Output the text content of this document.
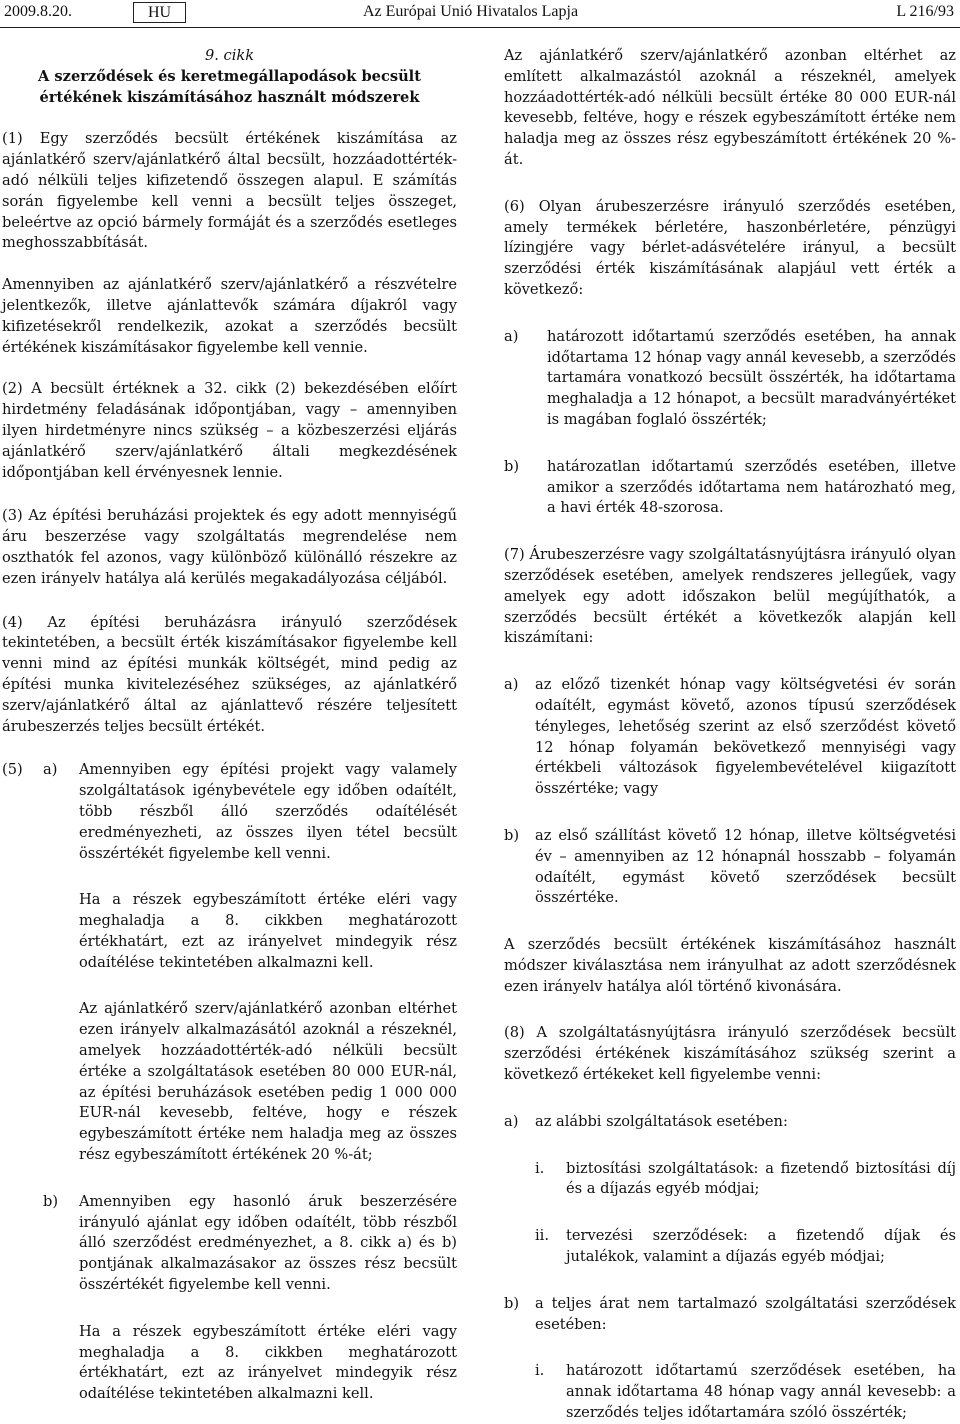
2009.8.20.	HU	Az Európai Unió Hivatalos Lapja	L 216/93

9. cikk

A szerződések és keretmegállapodások becsült értékének kiszámításához használt módszerek

(1) Egy szerződés becsült értékének kiszámítása az ajánlatkérő szerv/ajánlatkérő által becsült, hozzáadottérték-adó nélküli teljes kifizetendő összegen alapul. E számítás során figyelembe kell venni a becsült teljes összeget, beleértve az opció bármely formáját és a szerződés esetleges meghosszabbítását.

Amennyiben az ajánlatkérő szerv/ajánlatkérő a részvételre jelentkezők, illetve ajánlattevők számára díjakról vagy kifizetésekről rendelkezik, azokat a szerződés becsült értékének kiszámításakor figyelembe kell vennie.

(2) A becsült értéknek a 32. cikk (2) bekezdésében előírt hirdetmény feladásának időpontjában, vagy – amennyiben ilyen hirdetményre nincs szükség – a közbeszerzési eljárás ajánlatkérő szerv/ajánlatkérő általi megkezdésének időpontjában kell érvényesnek lennie.

(3) Az építési beruházási projektek és egy adott mennyiségű áru beszerzése vagy szolgáltatás megrendelése nem oszthatók fel azonos, vagy különböző különálló részekre az ezen irányelv hatálya alá kerülés megakadályozása céljából.

(4) Az építési beruházásra irányuló szerződések tekintetében, a becsült érték kiszámításakor figyelembe kell venni mind az építési munkák költségét, mind pedig az építési munka kivitelezéséhez szükséges, az ajánlatkérő szerv/ajánlatkérő által az ajánlattevő részére teljesített árubeszerzés teljes becsült értékét.

(5)	a)	Amennyiben egy építési projekt vagy valamely szolgáltatások igénybevétele egy időben odaítélt, több részből álló szerződés odaítélését eredményezheti, az összes ilyen tétel becsült összértékét figyelembe kell venni.

Ha a részek egybeszámított értéke eléri vagy meghaladja a 8. cikkben meghatározott értékhatárt, ezt az irányelvet mindegyik rész odaítélése tekintetében alkalmazni kell.

Az ajánlatkérő szerv/ajánlatkérő azonban eltérhet ezen irányelv alkalmazásától azoknál a részeknél, amelyek hozzáadottérték-adó nélküli becsült értéke a szolgáltatások esetében 80 000 EUR-nál, az építési beruházások esetében pedig 1 000 000 EUR-nál kevesebb, feltéve, hogy e részek egybeszámított értéke nem haladja meg az összes rész egybeszámított értékének 20 %-át;

b)	Amennyiben egy hasonló áruk beszerzésére irányuló ajánlat egy időben odaítélt, több részből álló szerződést eredményezhet, a 8. cikk a) és b) pontjának alkalmazásakor az összes rész becsült összértékét figyelembe kell venni.

Ha a részek egybeszámított értéke eléri vagy meghaladja a 8. cikkben meghatározott értékhatárt, ezt az irányelvet mindegyik rész odaítélése tekintetében alkalmazni kell.

Az ajánlatkérő szerv/ajánlatkérő azonban eltérhet az említett alkalmazástól azoknál a részeknél, amelyek hozzáadottérték-adó nélküli becsült értéke 80 000 EUR-nál kevesebb, feltéve, hogy e részek egybeszámított értéke nem haladja meg az összes rész egybeszámított értékének 20 %-át.

(6) Olyan árubeszerzésre irányuló szerződés esetében, amely termékek bérletére, haszonbérletére, pénzügyi lízingjére vagy bérlet-adásvételére irányul, a becsült szerződési érték kiszámításának alapjául vett érték a következő:

a)	határozott időtartamú szerződés esetében, ha annak időtartama 12 hónap vagy annál kevesebb, a szerződés tartamára vonatkozó becsült összérték, ha időtartama meghaladja a 12 hónapot, a becsült maradványértéket is magában foglaló összérték;
b)	határozatlan időtartamú szerződés esetében, illetve amikor a szerződés időtartama nem határozható meg, a havi érték 48-szorosa.

(7) Árubeszerzésre vagy szolgáltatásnyújtásra irányuló olyan szerződések esetében, amelyek rendszeres jellegűek, vagy amelyek egy adott időszakon belül megújíthatók, a szerződés becsült értékét a következők alapján kell kiszámítani:

a)	az előző tizenkét hónap vagy költségvetési év során odaítélt, egymást követő, azonos típusú szerződések tényleges, lehetőség szerint az első szerződést követő 12 hónap folyamán bekövetkező mennyiségi vagy értékbeli változások figyelembevételével kiigazított összértéke; vagy
b)	az első szállítást követő 12 hónap, illetve költségvetési év – amennyiben az 12 hónapnál hosszabb – folyamán odaítélt, egymást követő szerződések becsült összértéke.

A szerződés becsült értékének kiszámításához használt módszer kiválasztása nem irányulhat az adott szerződésnek ezen irányelv hatálya alól történő kivonására.

(8) A szolgáltatásnyújtásra irányuló szerződések becsült szerződési értékének kiszámításához szükség szerint a következő értékeket kell figyelembe venni:

a)	az alábbi szolgáltatások esetében:
i.	biztosítási szolgáltatások: a fizetendő biztosítási díj és a díjazás egyéb módjai;
ii.	tervezési szerződések: a fizetendő díjak és jutalékok, valamint a díjazás egyéb módjai;
b)	a teljes árat nem tartalmazó szolgáltatási szerződések esetében:
i.	határozott időtartamú szerződések esetében, ha annak időtartama 48 hónap vagy annál kevesebb: a szerződés teljes időtartamára szóló összérték;
